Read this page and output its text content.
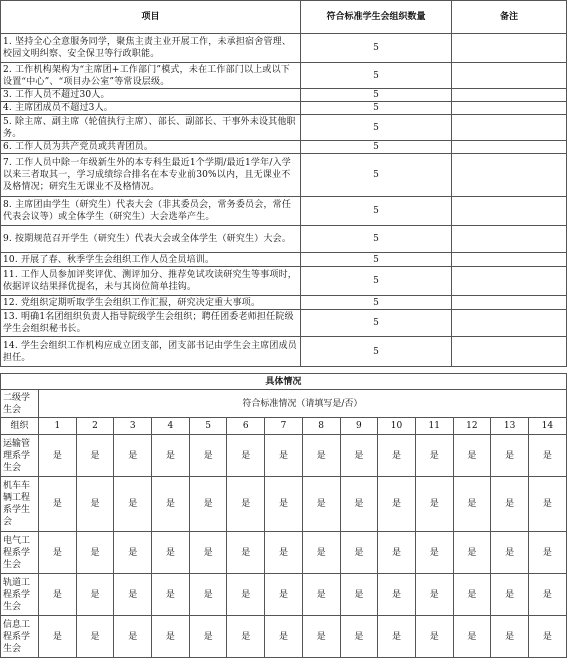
项目	符合标准学生会组织数量	备注
1. 坚持全心全意服务同学，聚焦主责主业开展工作，未承担宿舍管理、校园文明纠察、安全保卫等行政职能。	5	
2. 工作机构架构为“主席团+工作部门”模式，未在工作部门以上或以下设置“中心”、“项目办公室”等常设层级。	5	
3. 工作人员不超过30人。	5	
4. 主席团成员不超过3人。	5	
5. 除主席、副主席（轮值执行主席）、部长、副部长、干事外未设其他职务。	5	
6. 工作人员为共产党员或共青团员。	5	
7. 工作人员中除一年级新生外的本专科生最近1个学期/最近1学年/入学以来三者取其一，学习成绩综合排名在本专业前30%以内，且无课业不及格情况；研究生无课业不及格情况。	5	
8. 主席团由学生（研究生）代表大会（非其委员会，常务委员会，常任代表会议等）或全体学生（研究生）大会选举产生。	5	
9. 按期规范召开学生（研究生）代表大会或全体学生（研究生）大会。	5	
10. 开展了春、秋季学生会组织工作人员全员培训。	5	
11. 工作人员参加评奖评优、测评加分、推荐免试攻读研究生等事项时，依据评议结果择优提名，未与其岗位简单挂钩。	5	
12. 党组织定期听取学生会组织工作汇报，研究决定重大事项。	5	
13. 明确1名团组织负责人指导院级学生会组织；聘任团委老师担任院级学生会组织秘书长。	5	
14. 学生会组织工作机构应成立团支部，团支部书记由学生会主席团成员担任。	5	
具体情况														
二级学生会	符合标准情况（请填写是/否）													
组织	1	2	3	4	5	6	7	8	9	10	11	12	13	14
运输管理系学生会	是	是	是	是	是	是	是	是	是	是	是	是	是	是
机车车辆工程系学生会	是	是	是	是	是	是	是	是	是	是	是	是	是	是
电气工程系学生会	是	是	是	是	是	是	是	是	是	是	是	是	是	是
轨道工程系学生会	是	是	是	是	是	是	是	是	是	是	是	是	是	是
信息工程系学生会	是	是	是	是	是	是	是	是	是	是	是	是	是	是
